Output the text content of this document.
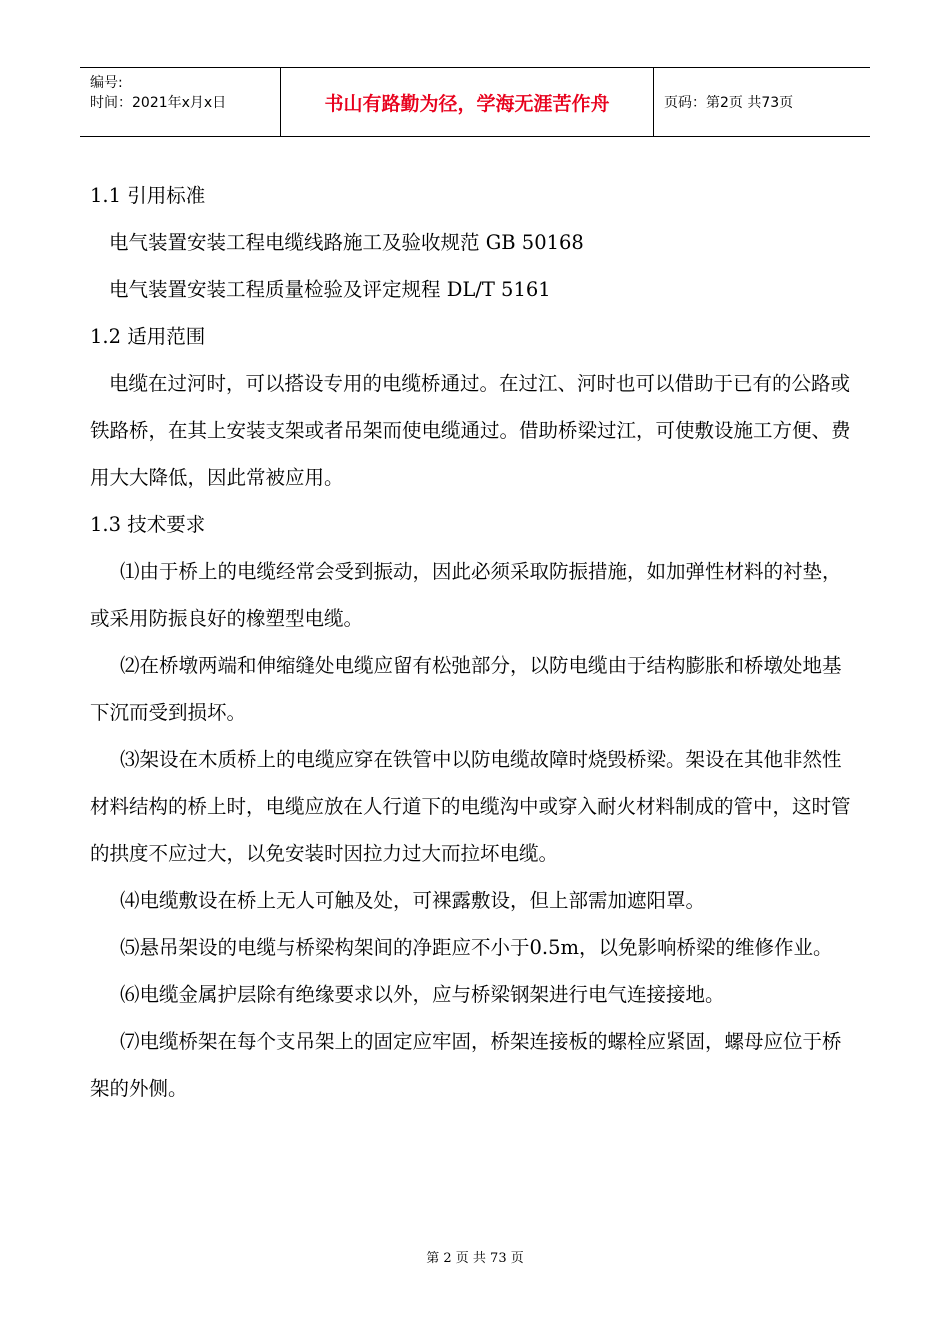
编号:
时间：2021年x月x日	书山有路勤为径，学海无涯苦作舟	页码：第2页 共73页

1.1 引用标准

电气装置安装工程电缆线路施工及验收规范 GB 50168

电气装置安装工程质量检验及评定规程 DL/T 5161

1.2 适用范围

电缆在过河时，可以搭设专用的电缆桥通过。在过江、河时也可以借助于已有的公路或铁路桥，在其上安装支架或者吊架而使电缆通过。借助桥梁过江，可使敷设施工方便、费用大大降低，因此常被应用。

1.3 技术要求

⑴由于桥上的电缆经常会受到振动，因此必须采取防振措施，如加弹性材料的衬垫，或采用防振良好的橡塑型电缆。

⑵在桥墩两端和伸缩缝处电缆应留有松弛部分，以防电缆由于结构膨胀和桥墩处地基下沉而受到损坏。

⑶架设在木质桥上的电缆应穿在铁管中以防电缆故障时烧毁桥梁。架设在其他非然性材料结构的桥上时，电缆应放在人行道下的电缆沟中或穿入耐火材料制成的管中，这时管的拱度不应过大，以免安装时因拉力过大而拉坏电缆。

⑷电缆敷设在桥上无人可触及处，可裸露敷设，但上部需加遮阳罩。

⑸悬吊架设的电缆与桥梁构架间的净距应不小于0.5m，以免影响桥梁的维修作业。

⑹电缆金属护层除有绝缘要求以外，应与桥梁钢架进行电气连接接地。

⑺电缆桥架在每个支吊架上的固定应牢固，桥架连接板的螺栓应紧固，螺母应位于桥架的外侧。

第 2 页 共 73 页
